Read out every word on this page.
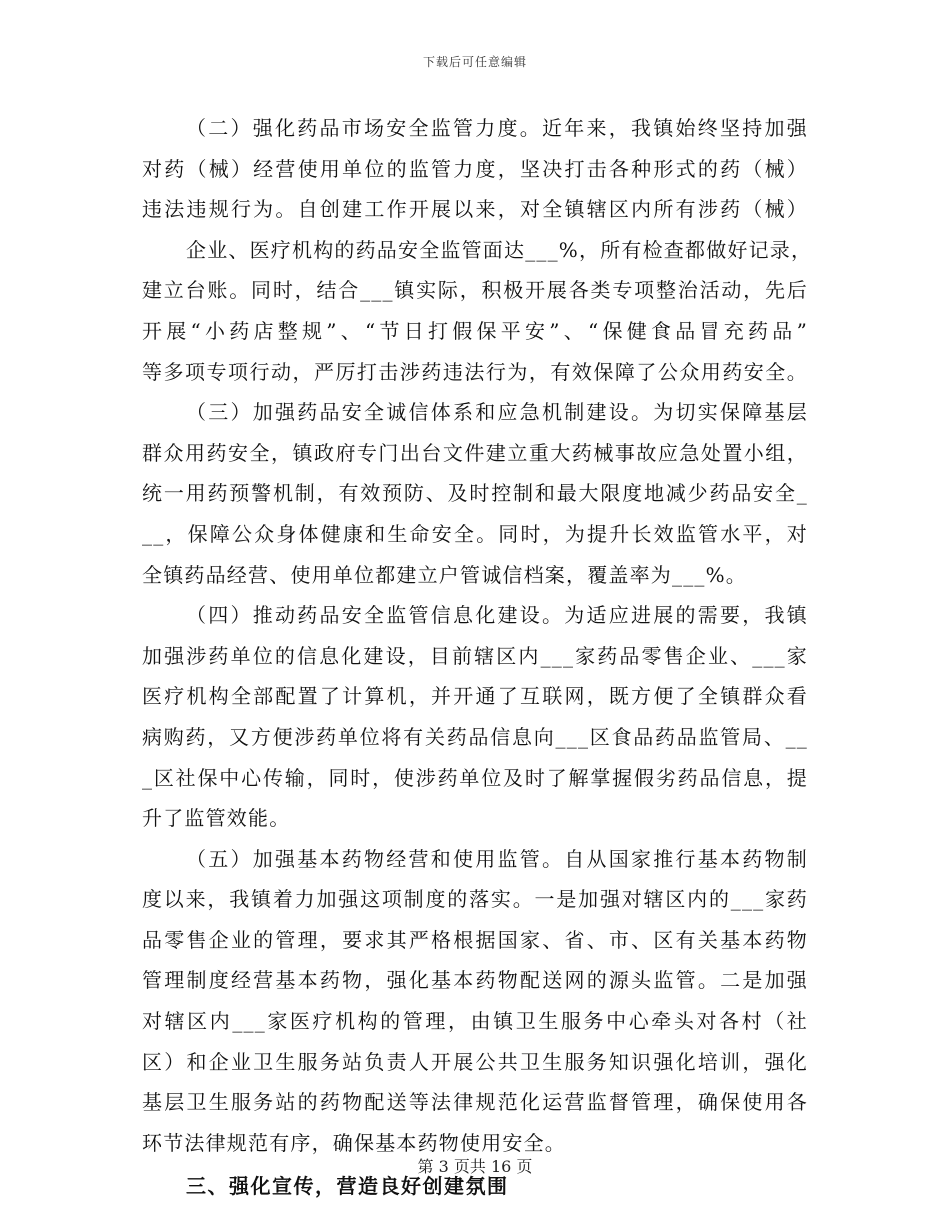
下载后可任意编辑
（二）强化药品市场安全监管力度。近年来，我镇始终坚持加强
对药（械）经营使用单位的监管力度，坚决打击各种形式的药（械）
违法违规行为。自创建工作开展以来，对全镇辖区内所有涉药（械）
企业、医疗机构的药品安全监管面达___%，所有检查都做好记录，
建立台账。同时，结合___镇实际，积极开展各类专项整治活动，先后
开展“小药店整规”、“节日打假保平安”、“保健食品冒充药品”
等多项专项行动，严厉打击涉药违法行为，有效保障了公众用药安全。
（三）加强药品安全诚信体系和应急机制建设。为切实保障基层
群众用药安全，镇政府专门出台文件建立重大药械事故应急处置小组，
统一用药预警机制，有效预防、及时控制和最大限度地减少药品安全_
__，保障公众身体健康和生命安全。同时，为提升长效监管水平，对
全镇药品经营、使用单位都建立户管诚信档案，覆盖率为___%。
（四）推动药品安全监管信息化建设。为适应进展的需要，我镇
加强涉药单位的信息化建设，目前辖区内___家药品零售企业、___家
医疗机构全部配置了计算机，并开通了互联网，既方便了全镇群众看
病购药，又方便涉药单位将有关药品信息向___区食品药品监管局、__
_区社保中心传输，同时，使涉药单位及时了解掌握假劣药品信息，提
升了监管效能。
（五）加强基本药物经营和使用监管。自从国家推行基本药物制
度以来，我镇着力加强这项制度的落实。一是加强对辖区内的___家药
品零售企业的管理，要求其严格根据国家、省、市、区有关基本药物
管理制度经营基本药物，强化基本药物配送网的源头监管。二是加强
对辖区内___家医疗机构的管理，由镇卫生服务中心牵头对各村（社
区）和企业卫生服务站负责人开展公共卫生服务知识强化培训，强化
基层卫生服务站的药物配送等法律规范化运营监督管理，确保使用各
环节法律规范有序，确保基本药物使用安全。
三、强化宣传，营造良好创建氛围
第 3 页共 16 页
